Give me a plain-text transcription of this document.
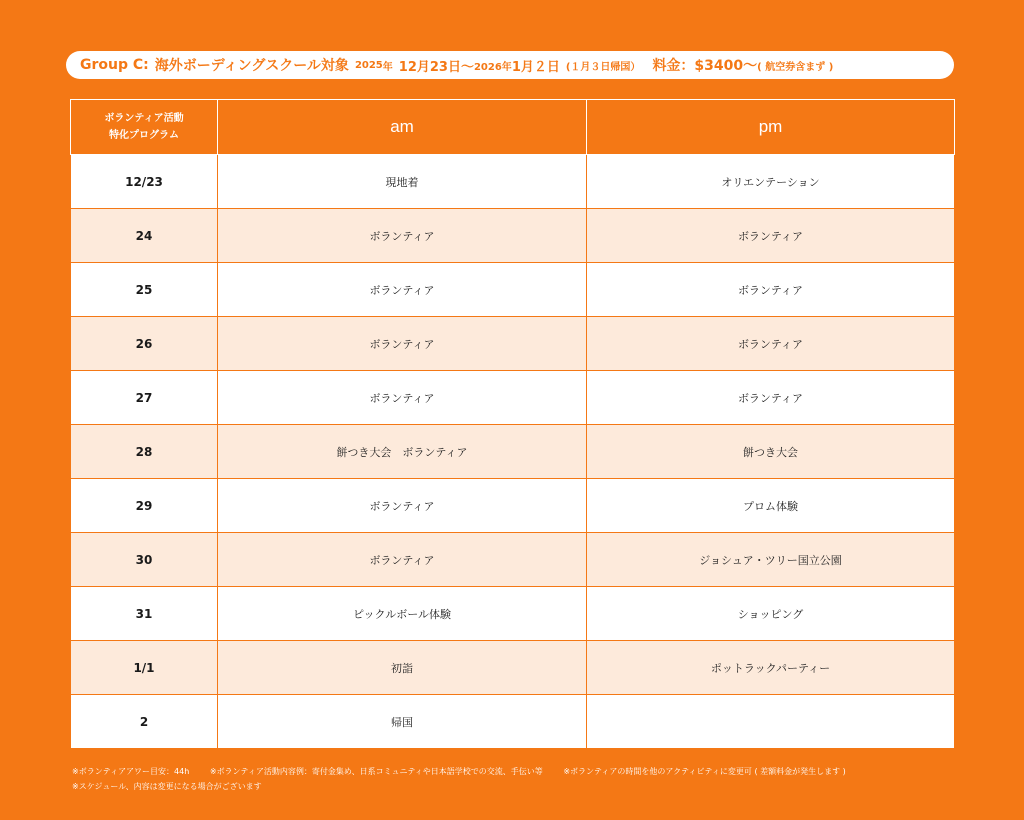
Group C: 海外ボーディングスクール対象 2025 年 12月23日〜 2026年 1月２日 (１月３日帰国） 料金：$3400〜 ( 航空券含まず )
ボランティア活動
特化プログラム	am	pm
12/23	現地着	オリエンテーション
24	ボランティア	ボランティア
25	ボランティア	ボランティア
26	ボランティア	ボランティア
27	ボランティア	ボランティア
28	餅つき大会　ボランティア	餅つき大会
29	ボランティア	プロム体験
30	ボランティア	ジョシュア・ツリー国立公園
31	ピックルボール体験	ショッピング
1/1	初詣	ポットラックパーティー
2	帰国	
※ボランティアアワー目安：44h	※ボランティア活動内容例：寄付金集め、日系コミュニティや日本語学校での交流、手伝い等	※ボランティアの時間を他のアクティビティに変更可 ( 差額料金が発生します )
※スケジュール、内容は変更になる場合がございます
